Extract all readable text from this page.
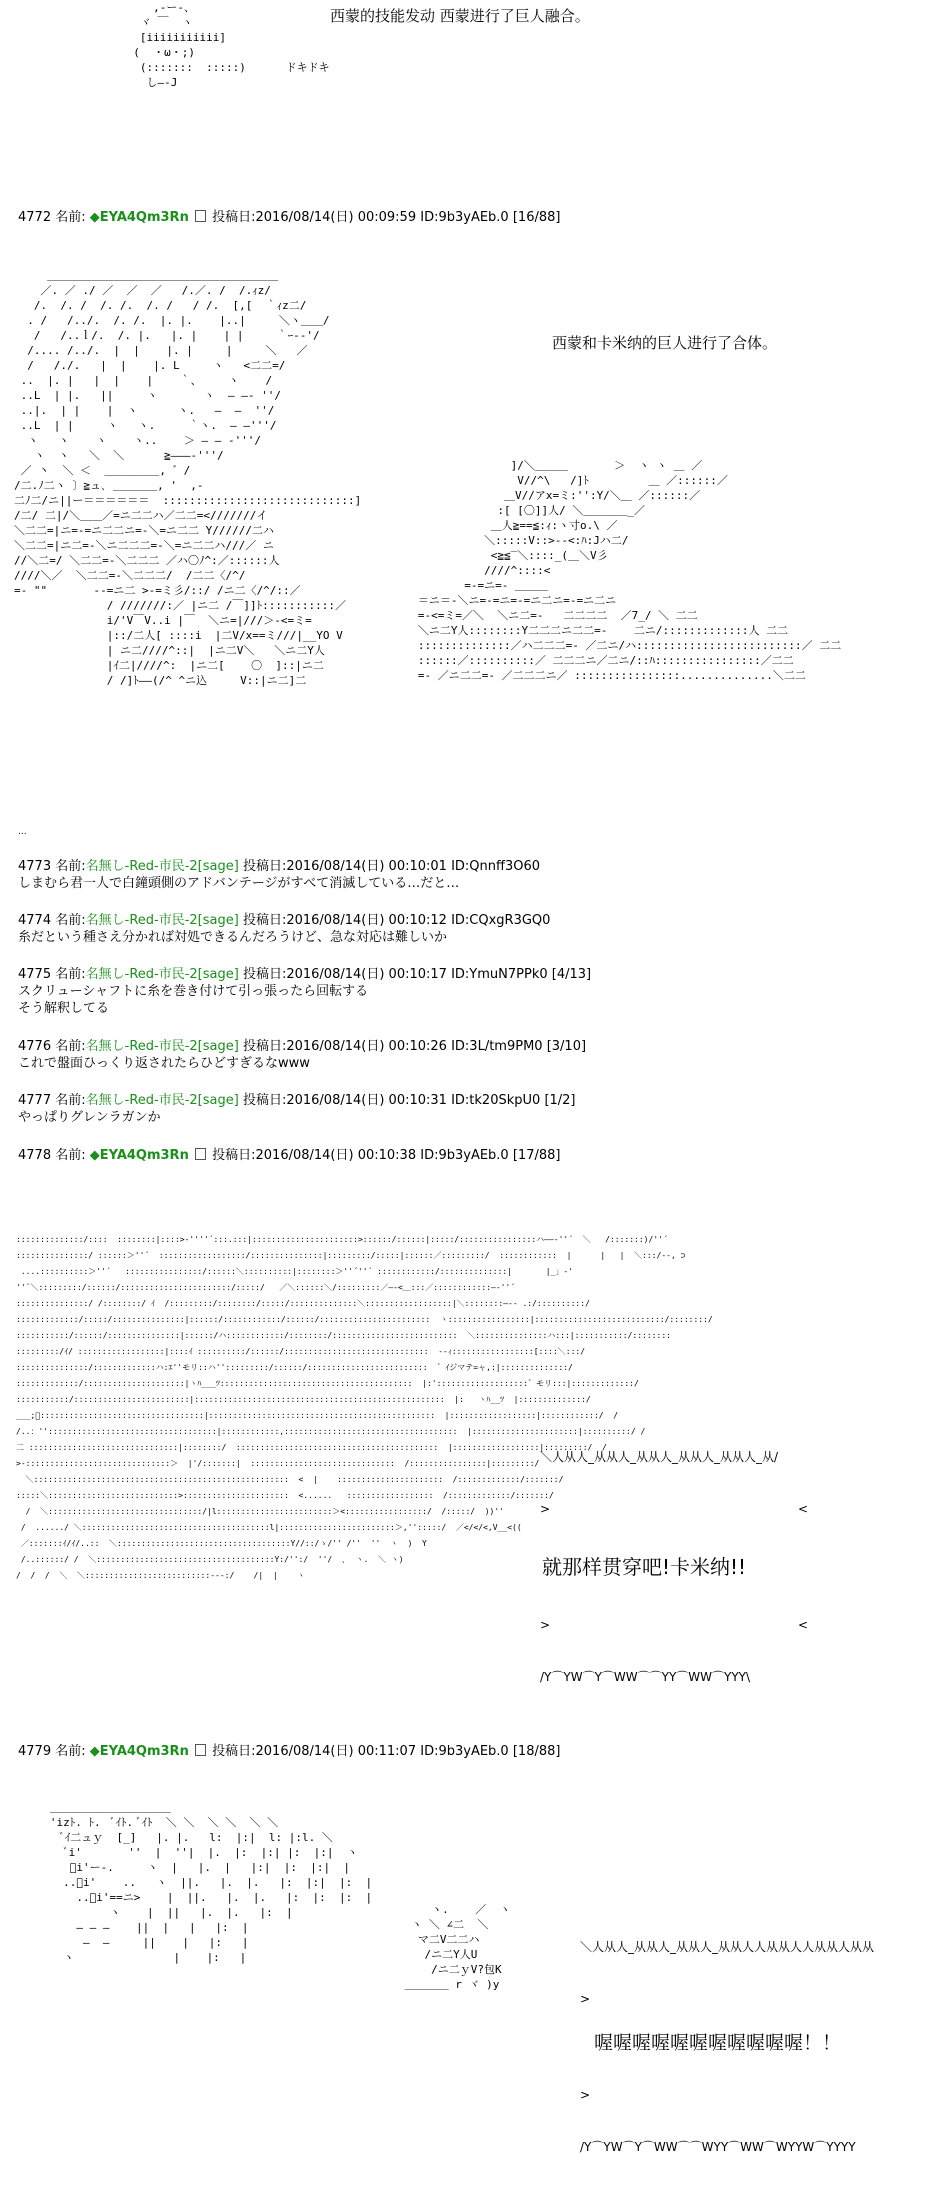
,-ー-、
ヾ ￣  ヽ
[iiiiiiiiiii]
(  ・ω・;)
(:::::::  :::::)      ドキドキ
し―-J
西蒙的技能发动 西蒙进行了巨人融合。
4772 名前: ◆EYA4Qm3Rn 投稿日:2016/08/14(日) 00:09:59 ID:9b3yAEb.0 [16/88]
＿＿＿＿＿＿＿＿＿＿＿＿＿＿＿＿＿＿＿＿＿
／. ／ ./ ／  ／  ／   /.／. /  /.ｨz/
/.  /. /  /. /.  /. /   / /.  [,[  ｀ｨz二/
. /   /../.  /. /.  |. |.    |..|     ＼ヽ＿＿/
/   /..ｌ/.  /. |.   |. |    | |     ｀ｰ--'/
/.... /../.  |  |    |. |     |     ＼   ／
/   /./.   |  |    |. L     ヽ   <二二=/
..  |. |   |  |    |    ｀、    ヽ    /
..L  | |.   ||     ヽ       ヽ  ― ―‐ ''/
..|.  | |    |  ヽ      ヽ.   ―  ―  ''/
..L  | |     ヽ   ヽ.     ｀ヽ.  ― ―'''/
ヽ   ヽ    ヽ    ヽ..    ＞ ― ― ‐'''/
ヽ  ヽ   ＼  ＼      ≧―――‐'''/
／ 丶  ＼ ＜  ＿＿＿＿＿, ゛/
/二.ﾉ二ヽ 〕≧ュ､ ＿＿＿＿, '  ,-
二ﾉ二/ニ||ー＝＝＝＝＝＝  :::::::::::::::::::::::::::::]
/二/ 二|/＼＿＿／=ニ二二ハ／二二=<///////イ
＼二二=|ニ=-=ニ二二ニ=-＼=ニ二二 Y//////二ハ
＼二二=|ニ二=-＼ニ二二二=-＼=ニ二二ハ///／ ニ
//＼二=/ ＼二二=-＼二二二 ／ハ〇ﾉ^:／::::::人
////＼／  ＼二二=-＼二二二/  /二二〈/^/
=- ""       --=ニ二 >-=ミ彡/::/ /ニ二〈/^/::／
/ ///////:／ |ニ二 /￣]]ﾄ:::::::::::／
i/'V￣V..i |￣  ＼ニ=|///＞-<=ミ=
|::/二人[ ::::i  |二V/x==ミ///|__YO V
| ニ二////^::|  |ニ二V＼   ＼ニ二Y人
|ｲ二|////^:  |ニ二[    〇  ]::|ニ二
/ /]ﾄ――(/^ ^ニ込     V::|ニ二]二

]/＼＿＿＿       ＞  ヽ ヽ ＿ ／
V//^\   /]ﾄ         ＿ ／::::::／
＿V//アx=ミ:'':Y/＼＿ ／::::::／
:[ [〇]]人/ ＼＿＿＿＿_／
＿人≧==≦:ｨ:ヽ寸o.\ ／
＼:::::V::>--<:ﾊ:Jハ二/
<≧≦‾＼::::_(＿＼V彡
////^::::<
=-=ニ=- ＿＿＿
＝ニ＝-＼ニ=-=ニ=-=ニ二ニ=-=ニ二ニ
=-<=ミ=／＼  ＼ニ二=-   二二二二  ／7_/ ＼ 二二
＼ニ二Y人::::::::Y二二二ニ二二=-    二ニ/:::::::::::::人 二二
::::::::::::::／ハ二二二=- ／二ニ/ハ:::::::::::::::::::::::::／ 二二
::::::／::::::::::／ 二二二ニ／二ニ/::ﾊ::::::::::::::::／二二
=- ／ニ二二=- ／二二二ニ／ ::::::::::::::::..............＼二二
西蒙和卡米纳的巨人进行了合体。
...
4773 名前:名無し-Red-市民-2[sage] 投稿日:2016/08/14(日) 00:10:01 ID:Qnnff3O60
しまむら君一人で白鐘頭側のアドバンテージがすべて消滅している…だと…
4774 名前:名無し-Red-市民-2[sage] 投稿日:2016/08/14(日) 00:10:12 ID:CQxgR3GQ0
糸だという種さえ分かれば対処できるんだろうけど、急な対応は難しいか
4775 名前:名無し-Red-市民-2[sage] 投稿日:2016/08/14(日) 00:10:17 ID:YmuN7PPk0 [4/13]
スクリューシャフトに糸を巻き付けて引っ張ったら回転する
そう解釈してる
4776 名前:名無し-Red-市民-2[sage] 投稿日:2016/08/14(日) 00:10:26 ID:3L/tm9PM0 [3/10]
これで盤面ひっくり返されたらひどすぎるなwww
4777 名前:名無し-Red-市民-2[sage] 投稿日:2016/08/14(日) 00:10:31 ID:tk20SkpU0 [1/2]
やっぱりグレンラガンか
4778 名前: ◆EYA4Qm3Rn 投稿日:2016/08/14(日) 00:10:38 ID:9b3yAEb.0 [17/88]
::::::::::::::/::::  ::::::::|::::>-''''´:::.:::|::::::::::::::::::::::>::::::/::::::|:::::/::::::::::::::::ハ――‐''´  ＼   /:::::::)/''´
:::::::::::::::/ ::::::＞''´  ::::::::::::::::::/:::::::::::::::|:::::::::/:::::|::::::／:::::::::/  ::::::::::::  |      |   |  ＼:::/-‐, ⊃
....::::::::::＞''´   ::::::::::::::::/::::::＼::::::::::|::::::::＞''´''´ ::::::::::::/::::::::::::::|       |_」‐'
''¨＼:::::::::/::::::/:::::::::::::::::::::::/:::::/   ／＼::::::＼/:::::::::／―‐<＿:::／::::::::::::―‐''´
:::::::::::::::/ /::::::::/ ｲ  /:::::::::/::::::::/:::::/::::::::::::::＼::::::::::::::::::|＼::::::::―‐- .:/::::::::::/
:::::::::::::/:::::/:::::::::::::::|::::::/::::::::::::/::::::/:::::::::::::::::::::::  ヽ:::::::::::::::::|:::::::::::::::::::::::::::/::::::::/
:::::::::::/::::::/:::::::::::::::|::::::/ハ::::::::::::/::::::::/::::::::::::::::::::::::::  ＼:::::::::::::::ハ:::|:::::::::::/::::::::
:::::::::/ｲ/ ::::::::::::::::::|::::ｲ ::::::::::/::::::/::::::::::::::::::::::::::::::  ‐-ｨ:::::::::::::::::[::::＼:::/
:::::::::::::::/:::::::::::::ハ:ｴ''モリ::ハ'':::::::::/::::::/:::::::::::::::::::::::::  ゛ｲジマテ=ャ,:|::::::::::::::/
:::::::::::::/:::::::::::::::::::::|ヽﾊ___ﾂ::::::::::::::::::::::::::::::::::::::::  |:':::::::::::::::::::゛モリ:::|:::::::::::::/
:::::::::::/::::::::::::::::::::::::|::::::::::::::::::::::::::::::::::::::::::::::::::::  |:   ヽﾊ__ﾂ  |::::::::::::::/
___;ﾞ::::::::::::::::::::::::::::::::::|:::::::::::::::::::::::::::::::::::::::::::::::  |::::::::::::::::::|::::::::::::/  /
/..：'':::::::::::::::::::::::::::::::::::|::::::::::::,::::::::::::::::::::::::::::::::::::  |::::::::::::::::::::::|::::::::::/ /
二 :::::::::::::::::::::::::::::::|::::::::/  ::::::::::::::::::::::::::::::::::::::::::  |::::::::::::::::::|:::::::::/  /
>-::::::::::::::::::::::::::::::＞  |'/:::::::|  ::::::::::::::::::::::::::::::  /::::::::::::::::|:::::::::/
＼:::::::::::::::::::::::::::::::::::::::::::::::::::::  <  |    ::::::::::::::::::::::  /:::::::::::::/:::::::/
:::::＼:::::::::::::::::::::::::::>::::::::::::::::::::::  <......   ::::::::::::::::::  /:::::::::::::/:::::::/
/  ＼::::::::::::::::::::::::::::::::/|l::::::::::::::::::::::::＞<:::::::::::::::::/  /:::::/  ))''
/  ....../ ＼:::::::::::::::::::::::::::::::::::::::l|::::::::::::::::::::::::＞,'':::::/  ／</</<,V__<((
／:::::::ｲ/ｲ/..::  ＼::::::::::::::::::::::::::::::::::::Y//::/ゝ/'' /''  ''  ヽ  )  Y
/..::::::/ /  ＼:::::::::::::::::::::::::::::::::::::Y:/'':/  ''/  ､  ヽ.  ＼ ヽ)
/  /  /  ＼  ＼::::::::::::::::::::::::::---:/    /|  |    ヽ

＼人从人_从从人_从从人_从从人_从从人_从/

>	<

就那样贯穿吧!卡米纳!!

>	<

/Y⌒YW⌒Y⌒WW⌒⌒YY⌒WW⌒YYY\

4779 名前: ◆EYA4Qm3Rn 投稿日:2016/08/14(日) 00:11:07 ID:9b3yAEb.0 [18/88]
＿＿＿＿＿＿＿＿＿＿＿
'izﾄ. ﾄ.  ﾞｲﾄ. ﾞｲﾄ  ＼ ＼  ＼ ＼  ＼ ＼
ﾞｲ二ュｙ  [_]   |. |.   l:  |:|  l: |:l. ＼
ﾞi'       ''  |  ''|  |.  |:  |:| |:  |:|  ヽ
ﾞi'ー-.     ヽ  |   |.  |   |:|  |:  |:|  |
..ﾞi'    ..   ヽ  ||.   |.  |.   |:  |:|  |:  |
..ﾞi'==ニ>    |  ||.   |.  |.   |:  |:  |:  |
ヽ    |  ||   |.  |.   |:  |
― ― ―    ||  |   |   |:  |
―  ―     ||    |   |:   |
ヽ               |    |:   |
ヽ.    ／  ヽ
ヽ ＼ ∠二  ＼
マ二V二二ハ
/ニ二Y人U
/ニ二ｙV?包K
＿＿＿＿ r ヾ )y

＼人从人_从从人_从从人_从从人人从从人人从从人从从

>

喔喔喔喔喔喔喔喔喔喔喔！！

>

/Y⌒YW⌒Y⌒WW⌒⌒WYY⌒WW⌒WYYW⌒YYYY
